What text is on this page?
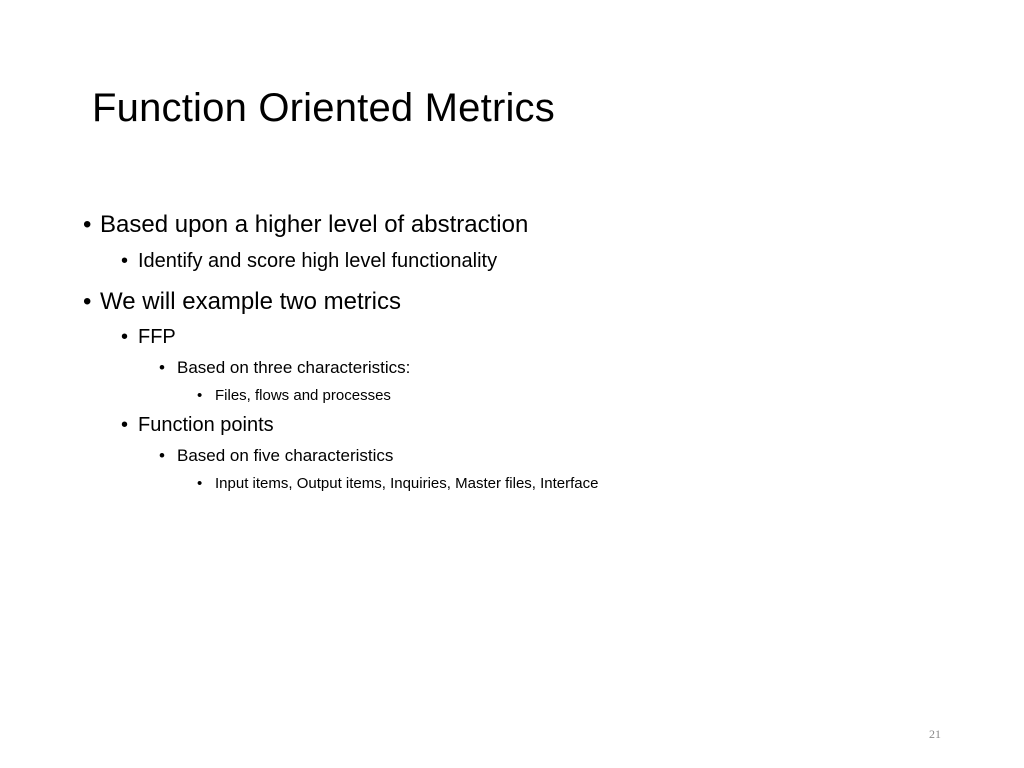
Function Oriented Metrics
• Based upon a higher level of abstraction
• Identify and score high level functionality
• We will example two metrics
• FFP
• Based on three characteristics:
• Files, flows and processes
• Function points
• Based on five characteristics
• Input items, Output items, Inquiries, Master files, Interface
21
